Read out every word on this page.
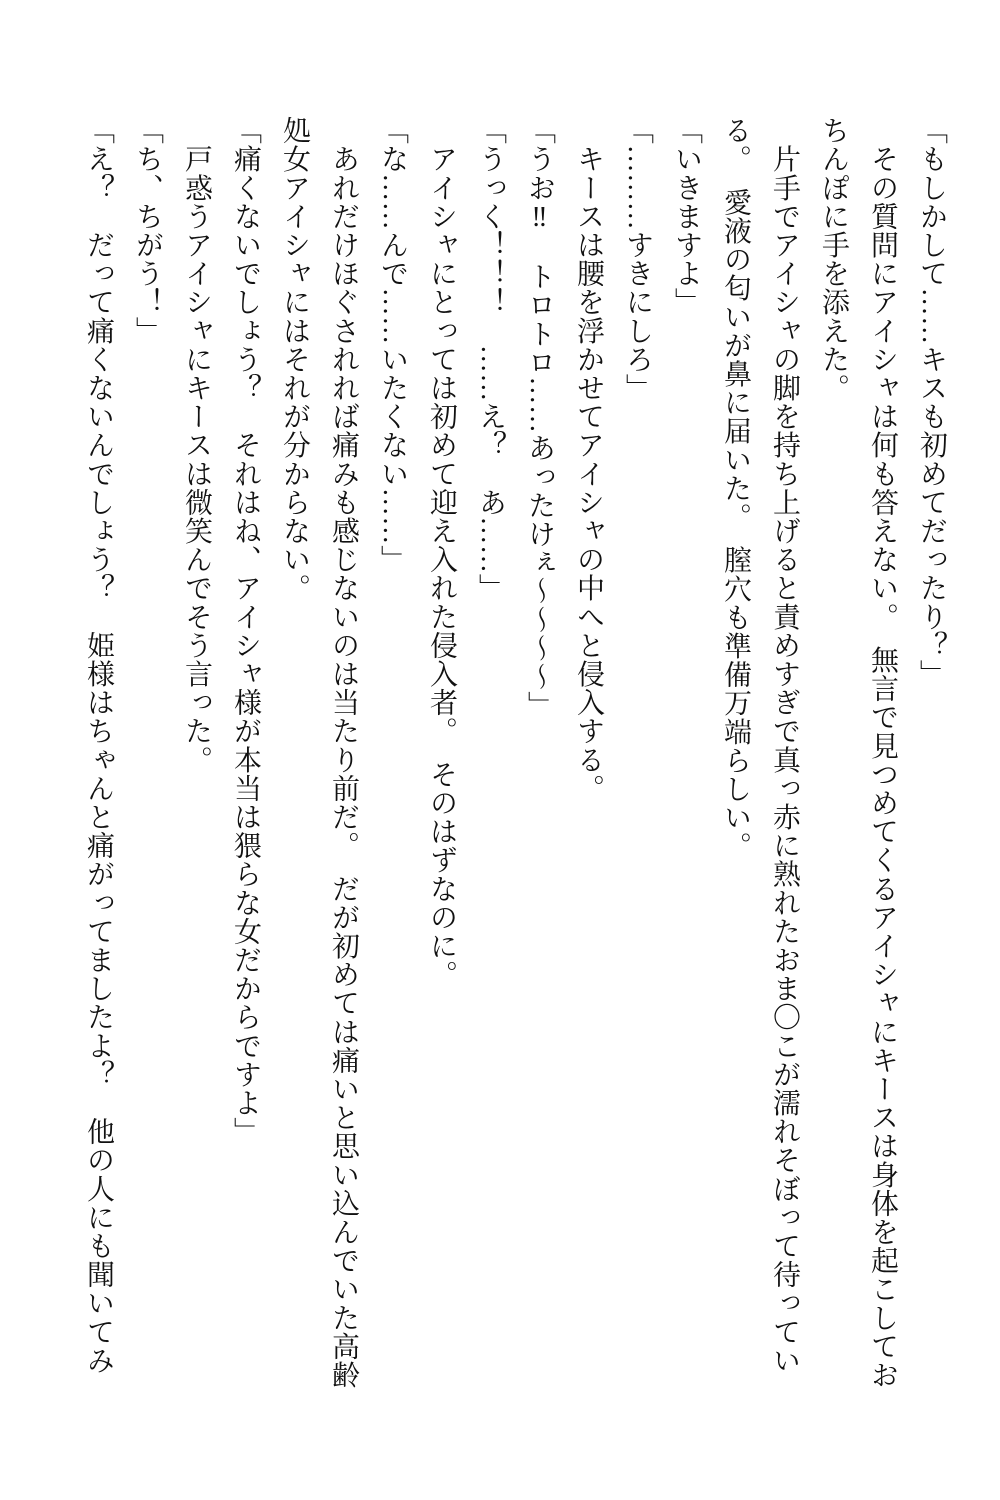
「もしかして……キスも初めてだったり？」

　その質問にアイシャは何も答えない。　無言で見つめてくるアイシャにキースは身体を起こしてお

ちんぽに手を添えた。

　片手でアイシャの脚を持ち上げると責めすぎで真っ赤に熟れたおま〇こが濡れそぼって待ってい

る。　愛液の匂いが鼻に届いた。　膣穴も準備万端らしい。

「いきますよ」

「………すきにしろ」

　キースは腰を浮かせてアイシャの中へと侵入する。

「うお‼　トロトロ……あったけぇ〜〜〜〜」

「うっく！！！　……え？　あ……」

　アイシャにとっては初めて迎え入れた侵入者。　そのはずなのに。

「な……んで……いたくない……」

　あれだけほぐされれば痛みも感じないのは当たり前だ。　だが初めては痛いと思い込んでいた高齢

処女アイシャにはそれが分からない。

「痛くないでしょう？　それはね、アイシャ様が本当は猥らな女だからですよ」

　戸惑うアイシャにキースは微笑んでそう言った。

「ち、ちがう！」

「え？　だって痛くないんでしょう？　姫様はちゃんと痛がってましたよ？　他の人にも聞いてみ
